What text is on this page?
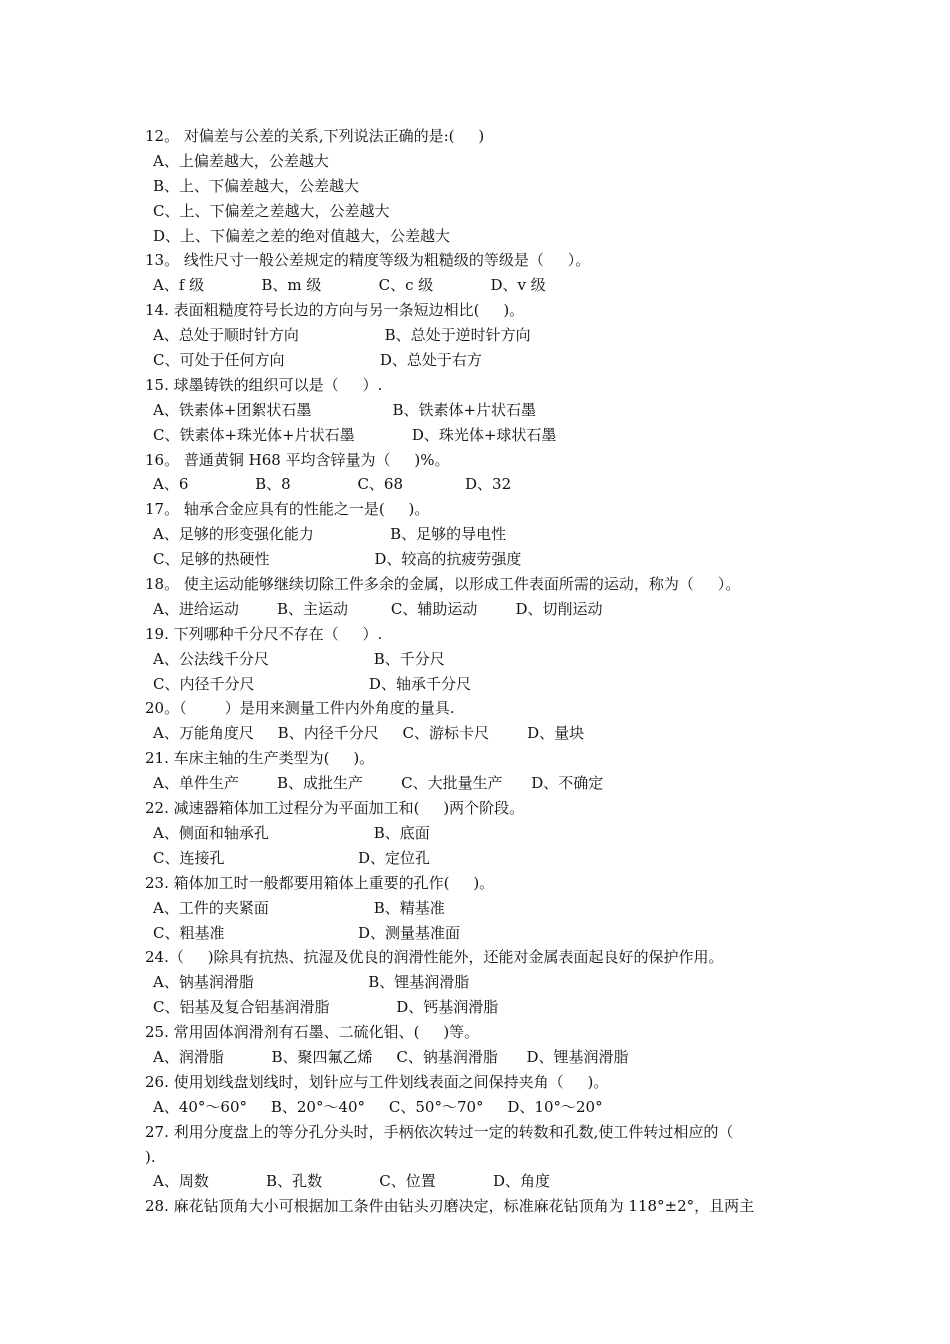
12。 对偏差与公差的关系,下列说法正确的是:(     )
A、上偏差越大，公差越大
B、上、下偏差越大，公差越大
C、上、下偏差之差越大，公差越大
D、上、下偏差之差的绝对值越大，公差越大
13。 线性尺寸一般公差规定的精度等级为粗糙级的等级是（     ）。
A、f 级            B、m 级            C、c 级            D、v 级
14. 表面粗糙度符号长边的方向与另一条短边相比(     )。
A、总处于顺时针方向                  B、总处于逆时针方向
C、可处于任何方向                    D、总处于右方
15. 球墨铸铁的组织可以是（     ）.
A、铁素体+团絮状石墨                 B、铁素体+片状石墨
C、铁素体+珠光体+片状石墨            D、珠光体+球状石墨
16。 普通黄铜 H68 平均含锌量为（     )%。
A、6              B、8              C、68             D、32
17。 轴承合金应具有的性能之一是(     )。
A、足够的形变强化能力                B、足够的导电性
C、足够的热硬性                      D、较高的抗疲劳强度
18。 使主运动能够继续切除工件多余的金属，以形成工件表面所需的运动，称为（     ）。
A、进给运动        B、主运动         C、辅助运动        D、切削运动
19. 下列哪种千分尺不存在（     ）.
A、公法线千分尺                      B、千分尺
C、内径千分尺                        D、轴承千分尺
20。（        ）是用来测量工件内外角度的量具.
A、万能角度尺     B、内径千分尺     C、游标卡尺        D、量块
21. 车床主轴的生产类型为(     )。
A、单件生产        B、成批生产        C、大批量生产      D、不确定
22. 减速器箱体加工过程分为平面加工和(     )两个阶段。
A、侧面和轴承孔                      B、底面
C、连接孔                            D、定位孔
23. 箱体加工时一般都要用箱体上重要的孔作(     )。
A、工件的夹紧面                      B、精基准
C、粗基准                            D、测量基准面
24.（     )除具有抗热、抗湿及优良的润滑性能外，还能对金属表面起良好的保护作用。
A、钠基润滑脂                        B、锂基润滑脂
C、铝基及复合铝基润滑脂              D、钙基润滑脂
25. 常用固体润滑剂有石墨、二硫化钼、(     )等。
A、润滑脂          B、聚四氟乙烯     C、钠基润滑脂      D、锂基润滑脂
26. 使用划线盘划线时，划针应与工件划线表面之间保持夹角（     )。
A、40°～60°     B、20°～40°     C、50°～70°     D、10°～20°
27. 利用分度盘上的等分孔分头时，手柄依次转过一定的转数和孔数,使工件转过相应的（
).
A、周数            B、孔数            C、位置            D、角度
28. 麻花钻顶角大小可根据加工条件由钻头刃磨决定，标准麻花钻顶角为 118°±2°，且两主
